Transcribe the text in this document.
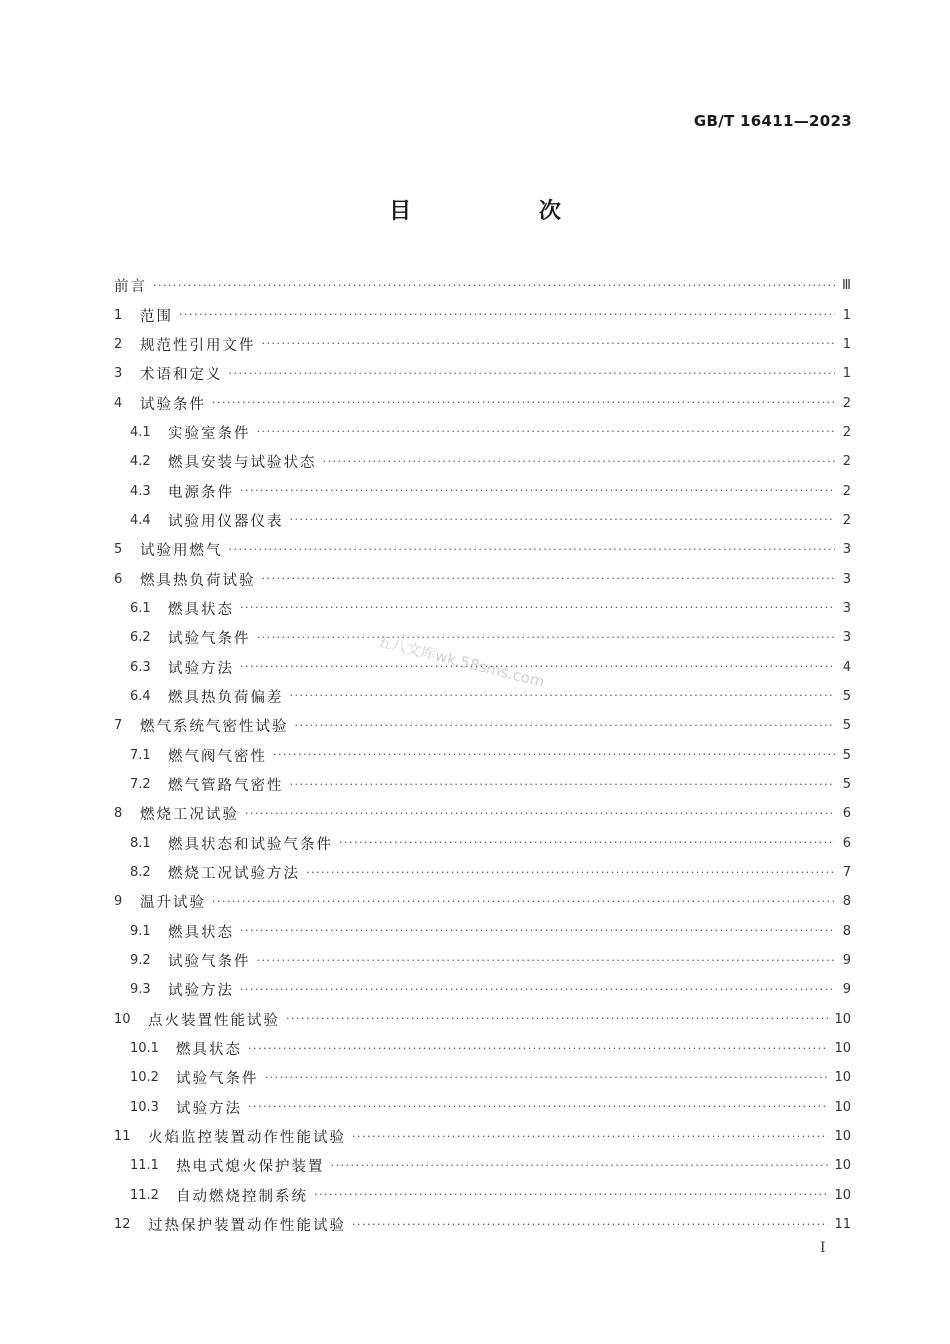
GB/T 16411—2023
目 次
前言 ·····	Ⅲ
1	范围 ·····	1
2	规范性引用文件 ·····	1
3	术语和定义 ·····	1
4	试验条件 ·····	2
4.1	实验室条件 ·····	2
4.2	燃具安装与试验状态 ·····	2
4.3	电源条件 ·····	2
4.4	试验用仪器仪表 ·····	2
5	试验用燃气 ·····	3
6	燃具热负荷试验 ·····	3
6.1	燃具状态 ·····	3
6.2	试验气条件 ·····	3
6.3	试验方法 ·····	4
6.4	燃具热负荷偏差 ·····	5
7	燃气系统气密性试验 ·····	5
7.1	燃气阀气密性 ·····	5
7.2	燃气管路气密性 ·····	5
8	燃烧工况试验 ·····	6
8.1	燃具状态和试验气条件 ·····	6
8.2	燃烧工况试验方法 ·····	7
9	温升试验 ·····	8
9.1	燃具状态 ·····	8
9.2	试验气条件 ·····	9
9.3	试验方法 ·····	9
10	点火装置性能试验 ·····	10
10.1	燃具状态 ·····	10
10.2	试验气条件 ·····	10
10.3	试验方法 ·····	10
11	火焰监控装置动作性能试验 ·····	10
11.1	热电式熄火保护装置 ·····	10
11.2	自动燃烧控制系统 ·····	10
12	过热保护装置动作性能试验 ·····	11
五八文库wk.58sms.com
I
